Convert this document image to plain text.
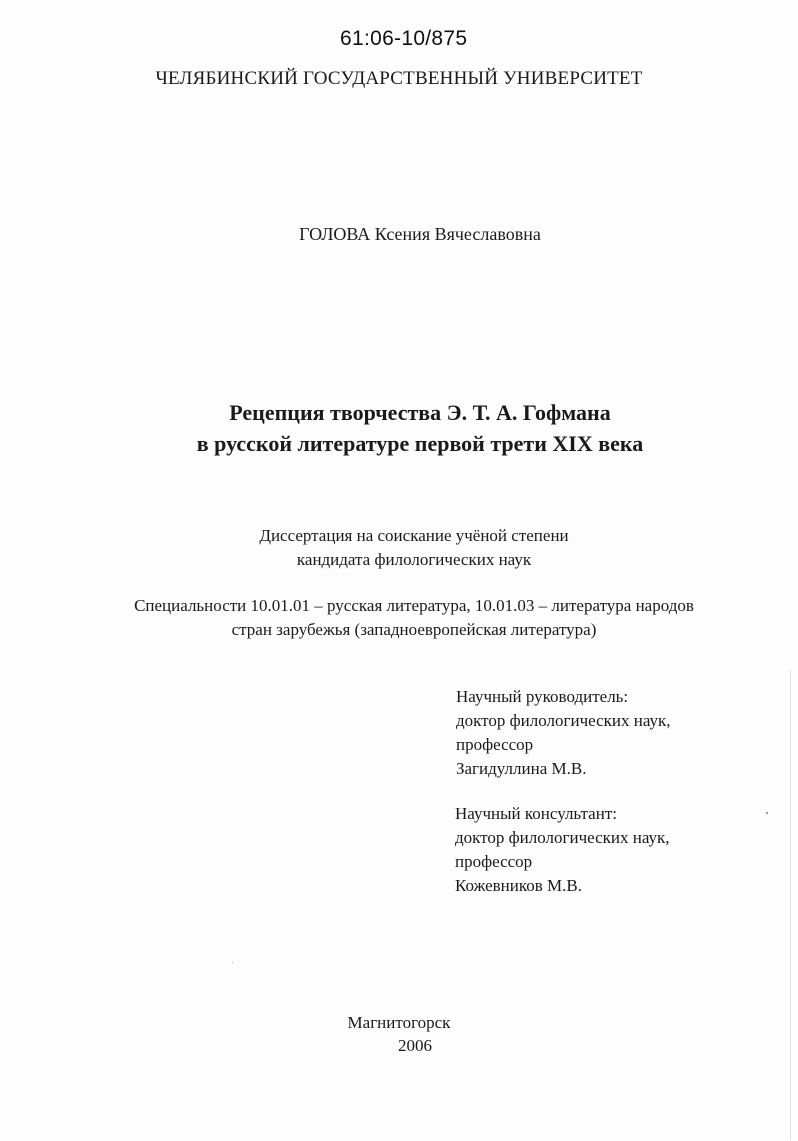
61:06-10/875
ЧЕЛЯБИНСКИЙ ГОСУДАРСТВЕННЫЙ УНИВЕРСИТЕТ
ГОЛОВА Ксения Вячеславовна
Рецепция творчества Э. Т. А. Гофмана
в русской литературе первой трети XIX века
Диссертация на соискание учёной степени
кандидата филологических наук
Специальности 10.01.01 – русская литература, 10.01.03 – литература народов
стран зарубежья (западноевропейская литература)
Научный руководитель:
доктор филологических наук,
профессор
Загидуллина М.В.
Научный консультант:
доктор филологических наук,
профессор
Кожевников М.В.
Магнитогорск
2006
